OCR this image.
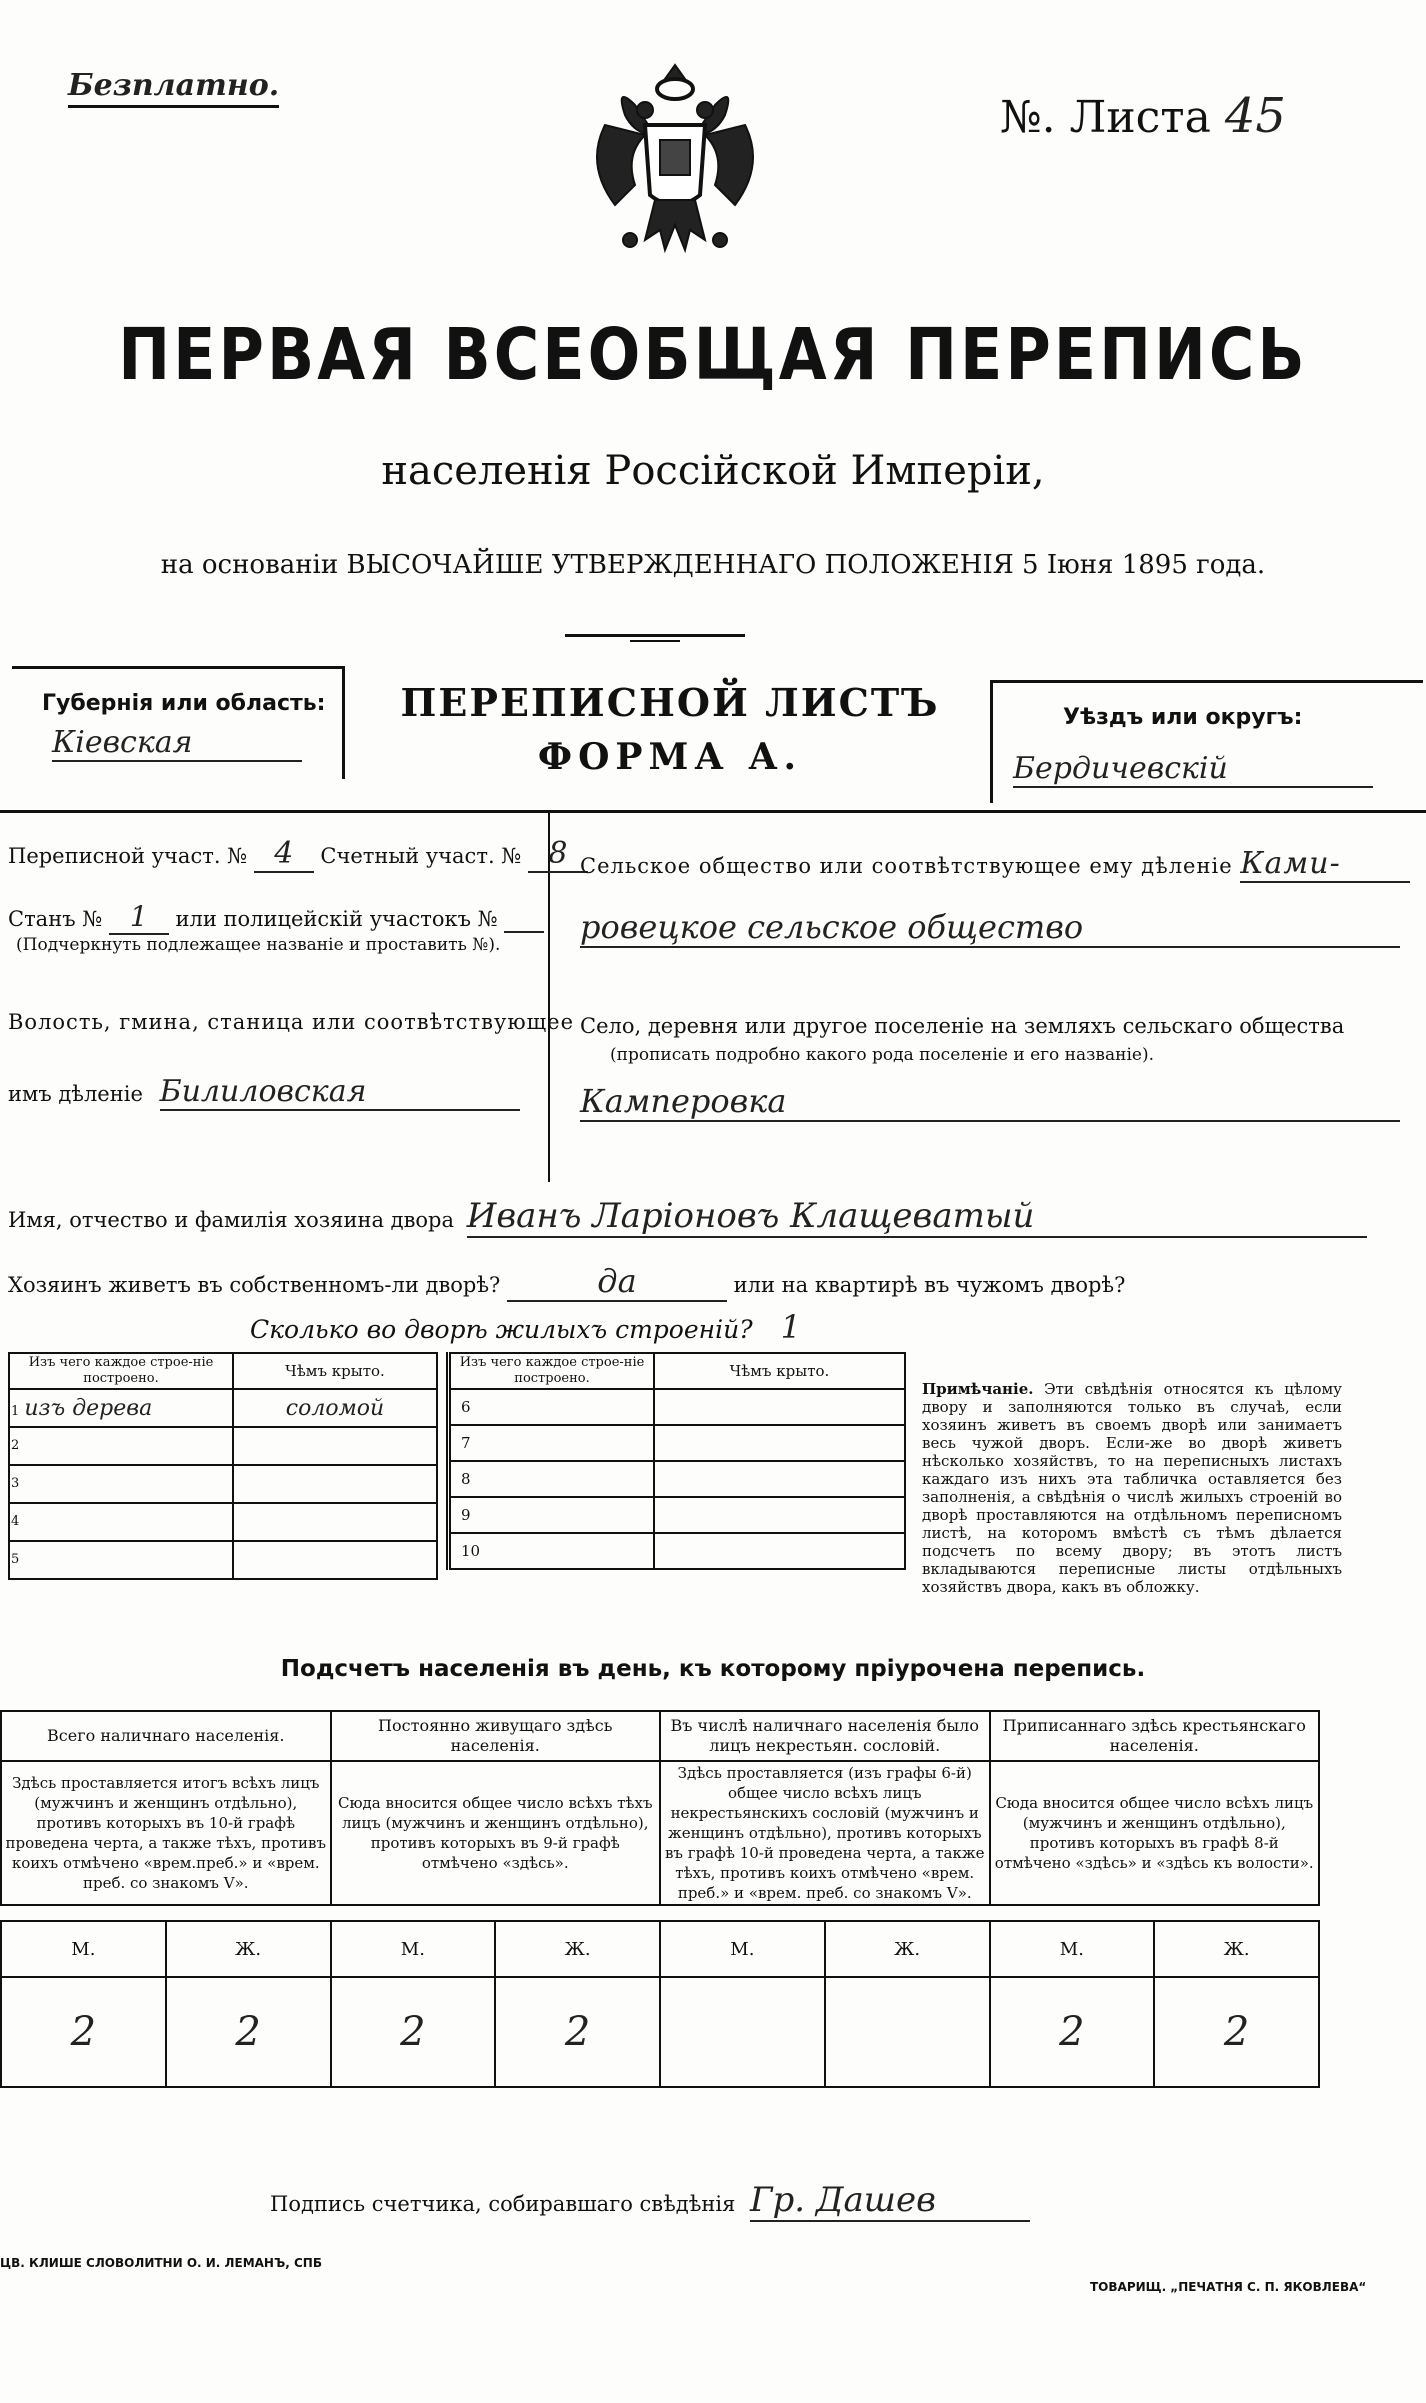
Безплатно.
№. Листа 45
ПЕРВАЯ ВСЕОБЩАЯ ПЕРЕПИСЬ
населенія Россійской Имперіи,
на основаніи ВЫСОЧАЙШЕ УТВЕРЖДЕННАГО ПОЛОЖЕНІЯ 5 Іюня 1895 года.
Губернія или область:
Кіевская
ПЕРЕПИСНОЙ ЛИСТЪ
ФОРМА А.
Уѣздъ или округъ:
Бердичевскій
Переписной участ. № 4 Счетный участ. № 8
Станъ № 1 или полицейскій участокъ №
(Подчеркнуть подлежащее названіе и проставить №).
Волость, гмина, станица или соотвѣтствующее
имъ дѣленіе Билиловская
Сельское общество или соотвѣтствующее ему дѣленіе Ками-
ровецкое сельское общество
Село, деревня или другое поселеніе на земляхъ сельскаго общества
(прописать подробно какого рода поселеніе и его названіе).
Камперовка
Имя, отчество и фамилія хозяина двора Иванъ Ларіоновъ Клащеватый
Хозяинъ живетъ въ собственномъ-ли дворѣ?	да	или на квартирѣ въ чужомъ дворѣ?
Сколько во дворѣ жилыхъ строеній? 1
Изъ чего каждое строе-ніе построено.	Чѣмъ крыто.
1 изъ дерева	соломой
2	
3	
4	
5	
Изъ чего каждое строе-ніе построено.	Чѣмъ крыто.
6	
7	
8	
9	
10	
Примѣчаніе. Эти свѣдѣнія относятся къ цѣлому двору и заполняются только въ случаѣ, если хозяинъ живетъ въ своемъ дворѣ или занимаетъ весь чужой дворъ. Если-же во дворѣ живетъ нѣсколько хозяйствъ, то на переписныхъ листахъ каждаго изъ нихъ эта табличка оставляется без заполненія, а свѣдѣнія о числѣ жилыхъ строеній во дворѣ проставляются на отдѣльномъ переписномъ листѣ, на которомъ вмѣстѣ съ тѣмъ дѣлается подсчетъ по всему двору; въ этотъ листъ вкладываются переписные листы отдѣльныхъ хозяйствъ двора, какъ въ обложку.
Подсчетъ населенія въ день, къ которому пріурочена перепись.
Всего наличнаго населенія.	Постоянно живущаго здѣсь населенія.	Въ числѣ наличнаго населенія было лицъ некрестьян. сословій.	Приписаннаго здѣсь крестьянскаго населенія.
Здѣсь проставляется итогъ всѣхъ лицъ (мужчинъ и женщинъ отдѣльно), противъ которыхъ въ 10-й графѣ проведена черта, а также тѣхъ, противъ коихъ отмѣчено «врем.преб.» и «врем. преб. со знакомъ V».	Сюда вносится общее число всѣхъ тѣхъ лицъ (мужчинъ и женщинъ отдѣльно), противъ которыхъ въ 9-й графѣ отмѣчено «здѣсь».	Здѣсь проставляется (изъ графы 6-й) общее число всѣхъ лицъ некрестьянскихъ сословій (мужчинъ и женщинъ отдѣльно), противъ которыхъ въ графѣ 10-й проведена черта, а также тѣхъ, противъ коихъ отмѣчено «врем. преб.» и «врем. преб. со знакомъ V».	Сюда вносится общее число всѣхъ лицъ (мужчинъ и женщинъ отдѣльно), противъ которыхъ въ графѣ 8-й отмѣчено «здѣсь» и «здѣсь къ волости».
М.	Ж.	М.	Ж.	М.	Ж.	М.	Ж.
2	2	2	2			2	2
Подпись счетчика, собиравшаго свѣдѣнія Гр. Дашев
ЦВ. КЛИШЕ СЛОВОЛИТНИ О. И. ЛЕМАНЪ, СПБ
ТОВАРИЩ. „ПЕЧАТНЯ С. П. ЯКОВЛЕВА“
